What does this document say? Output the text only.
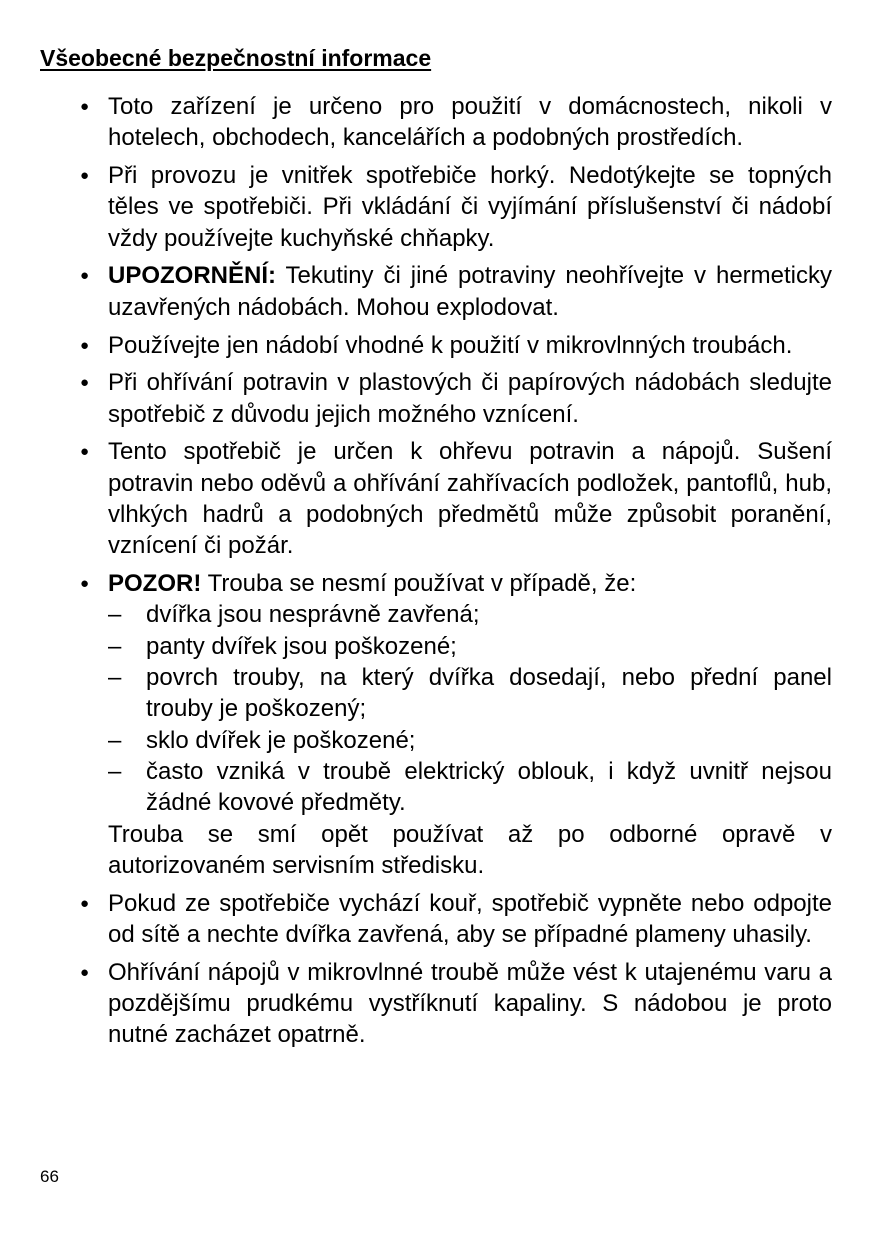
Všeobecné bezpečnostní informace
● Toto zařízení je určeno pro použití v domácnostech, nikoli v hotelech, obchodech, kancelářích a podobných prostředích.
● Při provozu je vnitřek spotřebiče horký. Nedotýkejte se topných těles ve spotřebiči. Při vkládání či vyjímání příslušenství či nádobí vždy používejte kuchyňské chňapky.
● UPOZORNĚNÍ: Tekutiny či jiné potraviny neohřívejte v hermeticky uzavřených nádobách. Mohou explodovat.
● Používejte jen nádobí vhodné k použití v mikrovlnných troubách.
● Při ohřívání potravin v plastových či papírových nádobách sledujte spotřebič z důvodu jejich možného vznícení.
● Tento spotřebič je určen k ohřevu potravin a nápojů. Sušení potravin nebo oděvů a ohřívání zahřívacích podložek, pantoflů, hub, vlhkých hadrů a podobných předmětů může způsobit poranění, vznícení či požár.
● POZOR! Trouba se nesmí používat v případě, že:
– dvířka jsou nesprávně zavřená;
– panty dvířek jsou poškozené;
– povrch trouby, na který dvířka dosedají, nebo přední panel trouby je poškozený;
– sklo dvířek je poškozené;
– často vzniká v troubě elektrický oblouk, i když uvnitř nejsou žádné kovové předměty.
Trouba se smí opět používat až po odborné opravě v autorizovaném servisním středisku.
● Pokud ze spotřebiče vychází kouř, spotřebič vypněte nebo odpojte od sítě a nechte dvířka zavřená, aby se případné plameny uhasily.
● Ohřívání nápojů v mikrovlnné troubě může vést k utajenému varu a pozdějšímu prudkému vystříknutí kapaliny. S nádobou je proto nutné zacházet opatrně.
66
